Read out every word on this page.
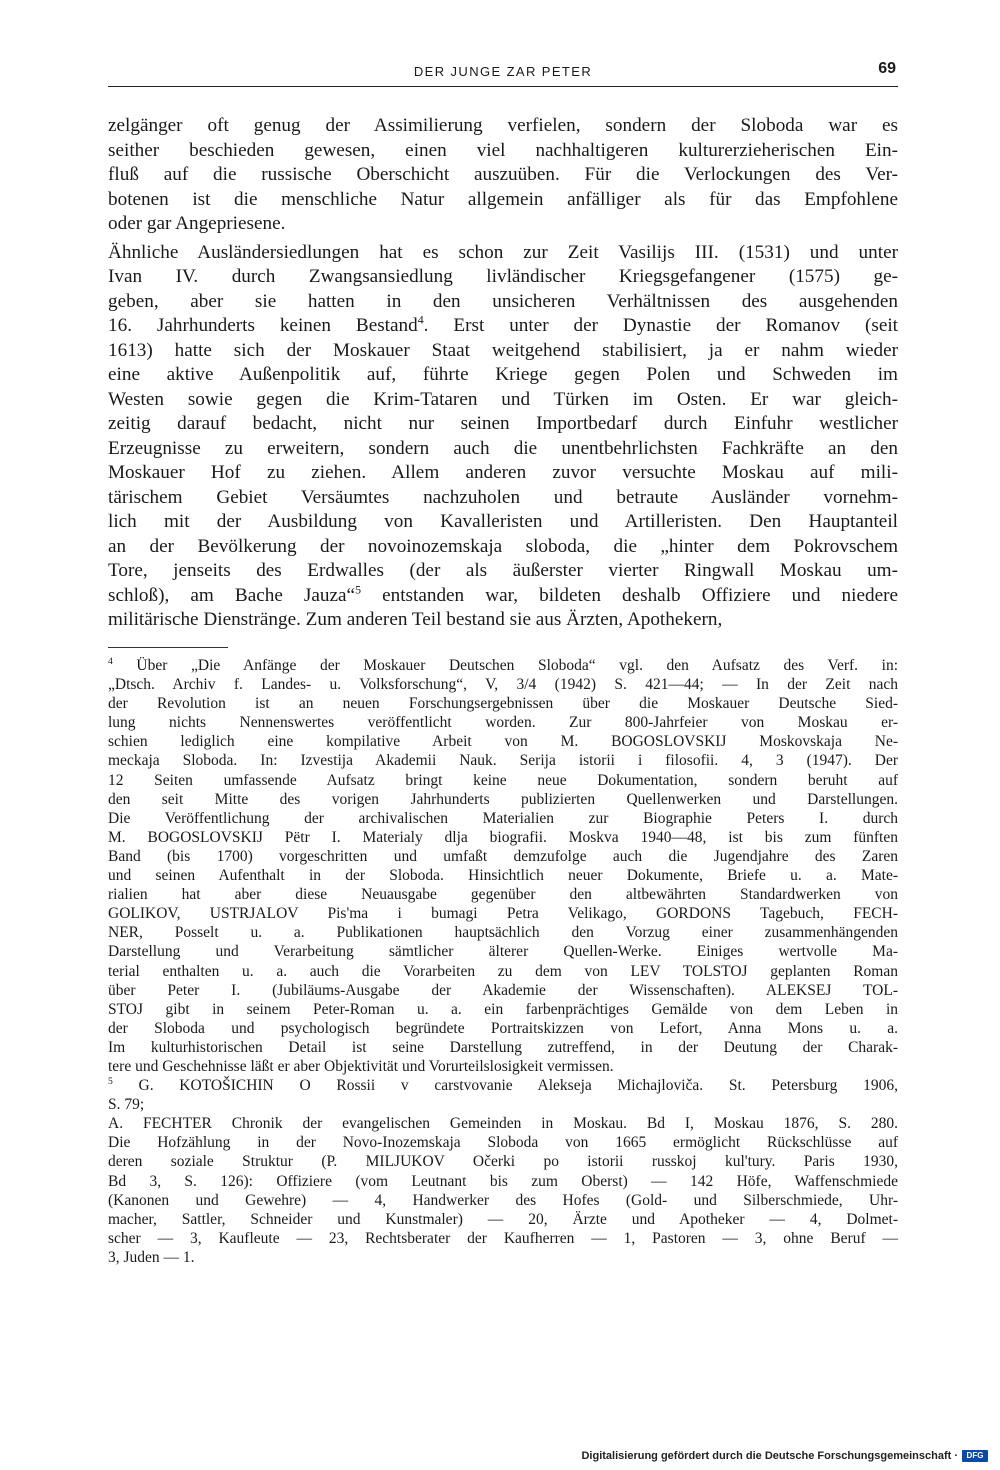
DER JUNGE ZAR PETER	69

zelgänger oft genug der Assimilierung verfielen, sondern der Sloboda war es
seither beschieden gewesen, einen viel nachhaltigeren kulturerzieherischen Ein-
fluß auf die russische Oberschicht auszuüben. Für die Verlockungen des Ver-
botenen ist die menschliche Natur allgemein anfälliger als für das Empfohlene
oder gar Angepriesene.

Ähnliche Ausländersiedlungen hat es schon zur Zeit Vasilijs III. (1531) und unter
Ivan IV. durch Zwangsansiedlung livländischer Kriegsgefangener (1575) ge-
geben, aber sie hatten in den unsicheren Verhältnissen des ausgehenden
16. Jahrhunderts keinen Bestand$^4$. Erst unter der Dynastie der Romanov (seit
1613) hatte sich der Moskauer Staat weitgehend stabilisiert, ja er nahm wieder
eine aktive Außenpolitik auf, führte Kriege gegen Polen und Schweden im
Westen sowie gegen die Krim-Tataren und Türken im Osten. Er war gleich-
zeitig darauf bedacht, nicht nur seinen Importbedarf durch Einfuhr westlicher
Erzeugnisse zu erweitern, sondern auch die unentbehrlichsten Fachkräfte an den
Moskauer Hof zu ziehen. Allem anderen zuvor versuchte Moskau auf mili-
tärischem Gebiet Versäumtes nachzuholen und betraute Ausländer vornehm-
lich mit der Ausbildung von Kavalleristen und Artilleristen. Den Hauptanteil
an der Bevölkerung der novoinozemskaja sloboda, die „hinter dem Pokrovschem
Tore, jenseits des Erdwalles (der als äußerster vierter Ringwall Moskau um-
schloß), am Bache Jauza“$^5$ entstanden war, bildeten deshalb Offiziere und niedere
militärische Dienstränge. Zum anderen Teil bestand sie aus Ärzten, Apothekern,

$^4$ Über „Die Anfänge der Moskauer Deutschen Sloboda“ vgl. den Aufsatz des Verf. in:
„Dtsch. Archiv f. Landes- u. Volksforschung“, V, 3/4 (1942) S. 421—44; — In der Zeit nach
der Revolution ist an neuen Forschungsergebnissen über die Moskauer Deutsche Sied-
lung nichts Nennenswertes veröffentlicht worden. Zur 800-Jahrfeier von Moskau er-
schien lediglich eine kompilative Arbeit von M. BOGOSLOVSKIJ Moskovskaja Ne-
meckaja Sloboda. In: Izvestija Akademii Nauk. Serija istorii i filosofii. 4, 3 (1947). Der
12 Seiten umfassende Aufsatz bringt keine neue Dokumentation, sondern beruht auf
den seit Mitte des vorigen Jahrhunderts publizierten Quellenwerken und Darstellungen.
Die Veröffentlichung der archivalischen Materialien zur Biographie Peters I. durch
M. BOGOSLOVSKIJ Pëtr I. Materialy dlja biografii. Moskva 1940—48, ist bis zum fünften
Band (bis 1700) vorgeschritten und umfaßt demzufolge auch die Jugendjahre des Zaren
und seinen Aufenthalt in der Sloboda. Hinsichtlich neuer Dokumente, Briefe u. a. Mate-
rialien hat aber diese Neuausgabe gegenüber den altbewährten Standardwerken von
GOLIKOV, USTRJALOV Pis'ma i bumagi Petra Velikago, GORDONS Tagebuch, FECH-
NER, Posselt u. a. Publikationen hauptsächlich den Vorzug einer zusammenhängenden
Darstellung und Verarbeitung sämtlicher älterer Quellen-Werke. Einiges wertvolle Ma-
terial enthalten u. a. auch die Vorarbeiten zu dem von LEV TOLSTOJ geplanten Roman
über Peter I. (Jubiläums-Ausgabe der Akademie der Wissenschaften). ALEKSEJ TOL-
STOJ gibt in seinem Peter-Roman u. a. ein farbenprächtiges Gemälde von dem Leben in
der Sloboda und psychologisch begründete Portraitskizzen von Lefort, Anna Mons u. a.
Im kulturhistorischen Detail ist seine Darstellung zutreffend, in der Deutung der Charak-
tere und Geschehnisse läßt er aber Objektivität und Vorurteilslosigkeit vermissen.
$^5$ G. KOTOŠICHIN O Rossii v carstvovanie Alekseja Michajloviča. St. Petersburg 1906,
S. 79;
A. FECHTER Chronik der evangelischen Gemeinden in Moskau. Bd I, Moskau 1876, S. 280.
Die Hofzählung in der Novo-Inozemskaja Sloboda von 1665 ermöglicht Rückschlüsse auf
deren soziale Struktur (P. MILJUKOV Očerki po istorii russkoj kul'tury. Paris 1930,
Bd 3, S. 126): Offiziere (vom Leutnant bis zum Oberst) — 142 Höfe, Waffenschmiede
(Kanonen und Gewehre) — 4, Handwerker des Hofes (Gold- und Silberschmiede, Uhr-
macher, Sattler, Schneider und Kunstmaler) — 20, Ärzte und Apotheker — 4, Dolmet-
scher — 3, Kaufleute — 23, Rechtsberater der Kaufherren — 1, Pastoren — 3, ohne Beruf —
3, Juden — 1.
Digitalisierung gefördert durch die Deutsche Forschungsgemeinschaft ·	DFG
